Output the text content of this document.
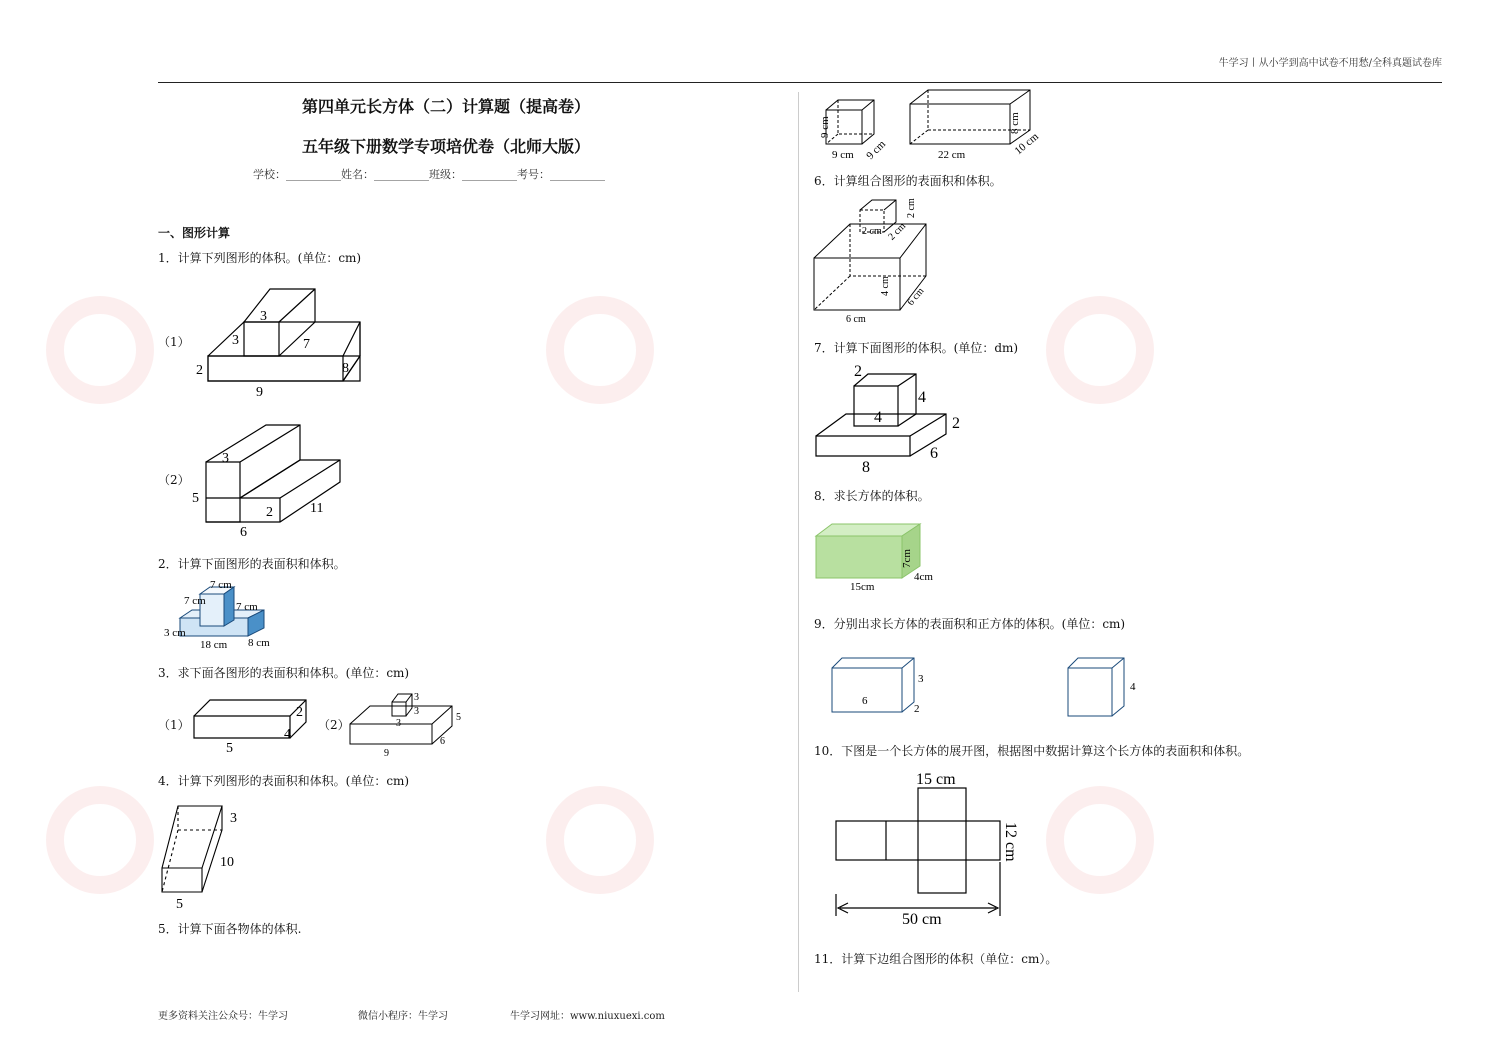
牛学习丨从小学到高中试卷不用愁/全科真题试卷库
第四单元长方体（二）计算题（提高卷）
五年级下册数学专项培优卷（北师大版）
学校：__________姓名：__________班级：__________考号：__________
一、图形计算
1．计算下列图形的体积。(单位：cm)
（1）
3
3	7
2
9
8
（2）
3
5
2	11
6
2．计算下面图形的表面积和体积。
7 cm
7 cm	7 cm
3 cm
18 cm 8 cm
3．求下面各图形的表面积和体积。(单位：cm)
（1）
2
4
5
（2）
3
3
3
5
6
9
4．计算下列图形的表面积和体积。(单位：cm)
3
10
5
5．计算下面各物体的体积.
9 cm
9 cm 9 cm
8 cm
10 cm
22 cm
6．计算组合图形的表面积和体积。
2 cm 2 cm
2 cm
4 cm 6 cm
6 cm
7．计算下面图形的体积。(单位：dm)
2
4
4	2
6
8
8．求长方体的体积。
7cm
4cm
15cm
9．分别出求长方体的表面积和正方体的体积。(单位：cm)
3
6
2
4
10．下图是一个长方体的展开图，根据图中数据计算这个长方体的表面积和体积。
15 cm
12 cm
50 cm
11．计算下边组合图形的体积（单位：cm）。
更多资料关注公众号：牛学习	微信小程序：牛学习	牛学习网址：www.niuxuexi.com
